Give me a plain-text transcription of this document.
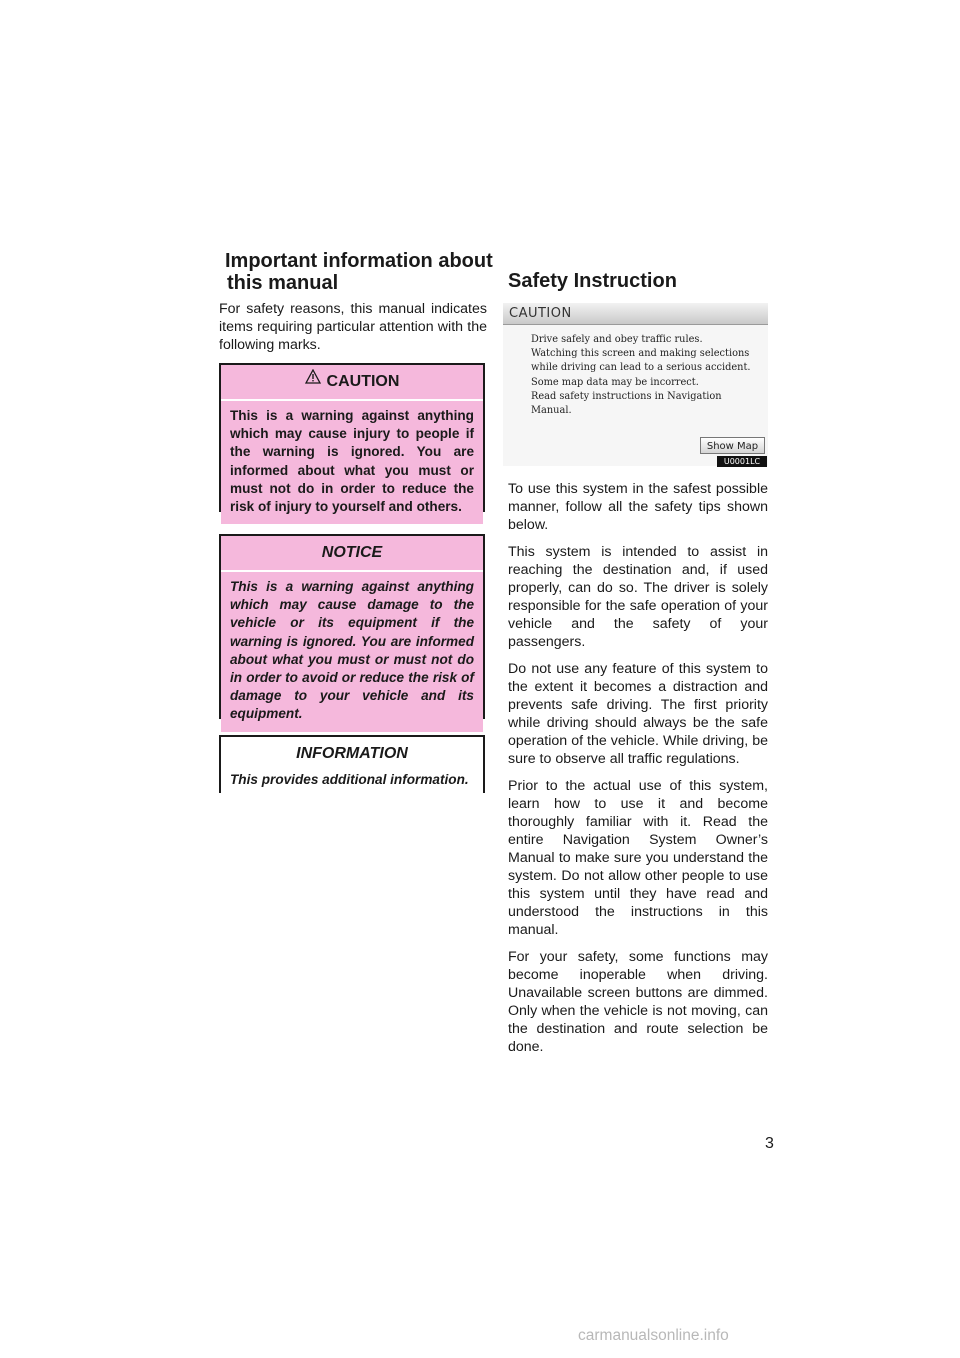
Important information about
this manual
For safety reasons, this manual indicates items requiring particular attention with the following marks.
CAUTION
This is a warning against anything which may cause injury to people if the warning is ignored. You are informed about what you must or must not do in order to reduce the risk of injury to yourself and others.
NOTICE
This is a warning against anything which may cause damage to the vehicle or its equipment if the warning is ignored. You are informed about what you must or must not do in order to avoid or reduce the risk of damage to your vehicle and its equipment.
INFORMATION
This provides additional information.
Safety Instruction
CAUTION
Drive safely and obey traffic rules.
Watching this screen and making selections
while driving can lead to a serious accident.
Some map data may be incorrect.
Read safety instructions in Navigation Manual.
Show Map
U0001LC

To use this system in the safest possible manner, follow all the safety tips shown below.

This system is intended to assist in reaching the destination and, if used properly, can do so. The driver is solely responsible for the safe operation of your vehicle and the safety of your passengers.

Do not use any feature of this system to the extent it becomes a distraction and prevents safe driving. The first priority while driving should always be the safe operation of the vehicle. While driving, be sure to observe all traffic regulations.

Prior to the actual use of this system, learn how to use it and become thoroughly familiar with it. Read the entire Navigation System Owner’s Manual to make sure you understand the system. Do not allow other people to use this system until they have read and understood the instructions in this manual.

For your safety, some functions may become inoperable when driving. Unavailable screen buttons are dimmed. Only when the vehicle is not moving, can the destination and route selection be done.

3
carmanualsonline.info
